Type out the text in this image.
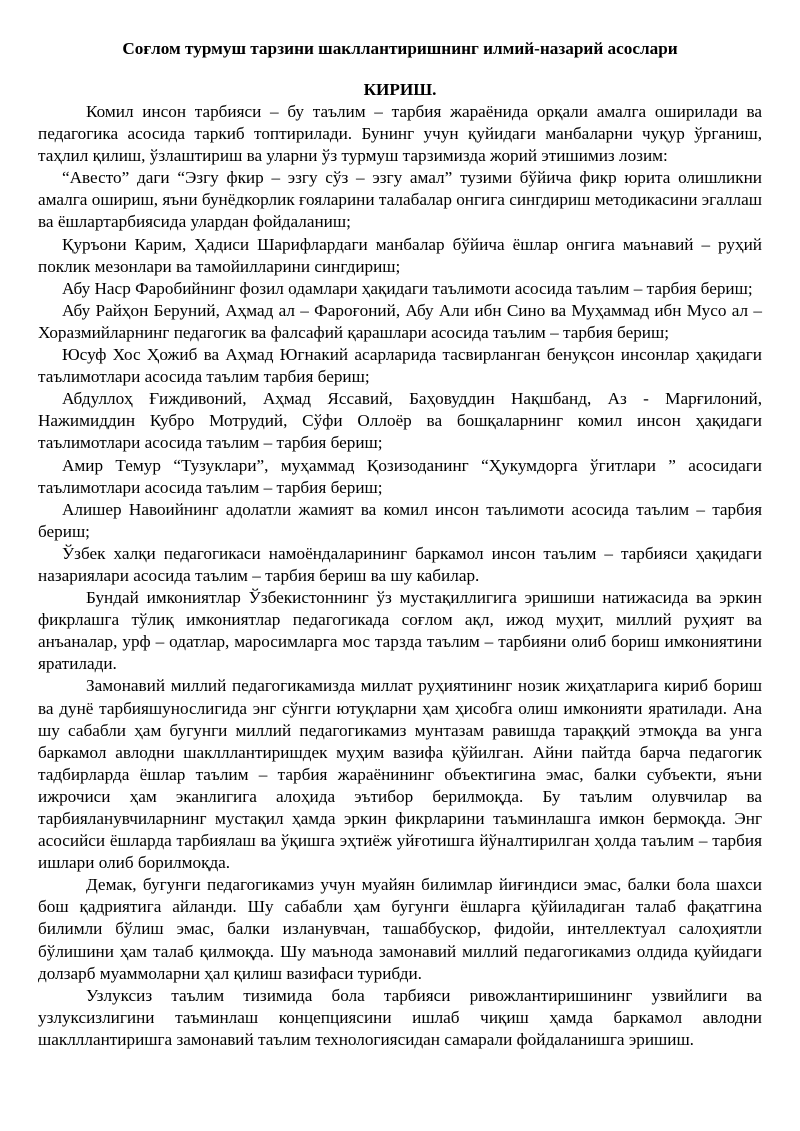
Соғлом турмуш тарзини шакллантиришнинг илмий-назарий асослари
КИРИШ.

Комил инсон тарбияси – бу таълим – тарбия жараёнида орқали амалга оширилади ва педагогика асосида таркиб топтирилади. Бунинг учун қуйидаги манбаларни чуқур ўрганиш, таҳлил қилиш, ўзлаштириш ва уларни ўз турмуш тарзимизда жорий этишимиз лозим:

“Авесто” даги “Эзгу фкир – эзгу сўз – эзгу амал” тузими бўйича фикр юрита олишликни амалга ошириш, яъни бунёдкорлик ғояларини талабалар онгига сингдириш методикасини эгаллаш ва ёшлартарбиясида улардан фойдаланиш;

Қуръони Карим, Ҳадиси Шарифлардаги манбалар бўйича ёшлар онгига маънавий – руҳий поклик мезонлари ва тамойилларини сингдириш;

Абу Наср Фаробийнинг фозил одамлари ҳақидаги таълимоти асосида таълим – тарбия бериш;

Абу Райҳон Беруний, Аҳмад ал – Фароғоний, Абу Али ибн Сино ва Муҳаммад ибн Мусо ал – Хоразмийларнинг педагогик ва фалсафий қарашлари асосида таълим – тарбия бериш;

Юсуф Хос Ҳожиб ва Аҳмад Югнакий асарларида тасвирланган бенуқсон инсонлар ҳақидаги таълимотлари асосида таълим тарбия бериш;

Абдуллоҳ Ғиждивоний, Аҳмад Яссавий, Баҳовуддин Нақшбанд, Аз - Марғилоний, Нажимиддин Кубро Мотрудий, Сўфи Оллоёр ва бошқаларнинг комил инсон ҳақидаги таълимотлари асосида таълим – тарбия бериш;

Амир Темур “Тузуклари”, муҳаммад Қозизоданинг “Ҳукумдорга ўгитлари ” асосидаги таълимотлари асосида таълим – тарбия бериш;

Алишер Навоийнинг адолатли жамият ва комил инсон таълимоти асосида таълим – тарбия бериш;

Ўзбек халқи педагогикаси намоёндаларининг баркамол инсон таълим – тарбияси ҳақидаги назариялари асосида таълим – тарбия бериш ва шу кабилар.

Бундай имкониятлар Ўзбекистоннинг ўз мустақиллигига эришиши натижасида ва эркин фикрлашга тўлиқ имкониятлар педагогикада соғлом ақл, ижод муҳит, миллий руҳият ва анъаналар, урф – одатлар, маросимларга мос тарзда таълим – тарбияни олиб бориш имкониятини яратилади.

Замонавий миллий педагогикамизда миллат руҳиятининг нозик жиҳатларига кириб бориш ва дунё тарбияшунослигида энг сўнгги ютуқларни ҳам ҳисобга олиш имконияти яратилади. Ана шу сабабли ҳам бугунги миллий педагогикамиз мунтазам равишда тараққий этмоқда ва унга баркамол авлодни шаклллантиришдек муҳим вазифа қўйилган. Айни пайтда барча педагогик тадбирларда ёшлар таълим – тарбия жараёнининг объектигина эмас, балки субъекти, яъни ижрочиси ҳам эканлигига алоҳида эътибор берилмоқда. Бу таълим олувчилар ва тарбияланувчиларнинг мустақил ҳамда эркин фикрларини таъминлашга имкон бермоқда. Энг асосийси ёшларда тарбиялаш ва ўқишга эҳтиёж уйғотишга йўналтирилган ҳолда таълим – тарбия ишлари олиб борилмоқда.

Демак, бугунги педагогикамиз учун муайян билимлар йиғиндиси эмас, балки бола шахси бош қадриятига айланди. Шу сабабли ҳам бугунги ёшларга қўйиладиган талаб фақатгина билимли бўлиш эмас, балки изланувчан, ташаббускор, фидойи, интеллектуал салоҳиятли бўлишини ҳам талаб қилмоқда. Шу маънода замонавий миллий педагогикамиз олдида қуйидаги долзарб муаммоларни ҳал қилиш вазифаси турибди.

Узлуксиз таълим тизимида бола тарбияси ривожлантиришининг узвийлиги ва узлуксизлигини таъминлаш концепциясини ишлаб чиқиш ҳамда баркамол авлодни шаклллантиришга замонавий таълим технологиясидан самарали фойдаланишга эришиш.
